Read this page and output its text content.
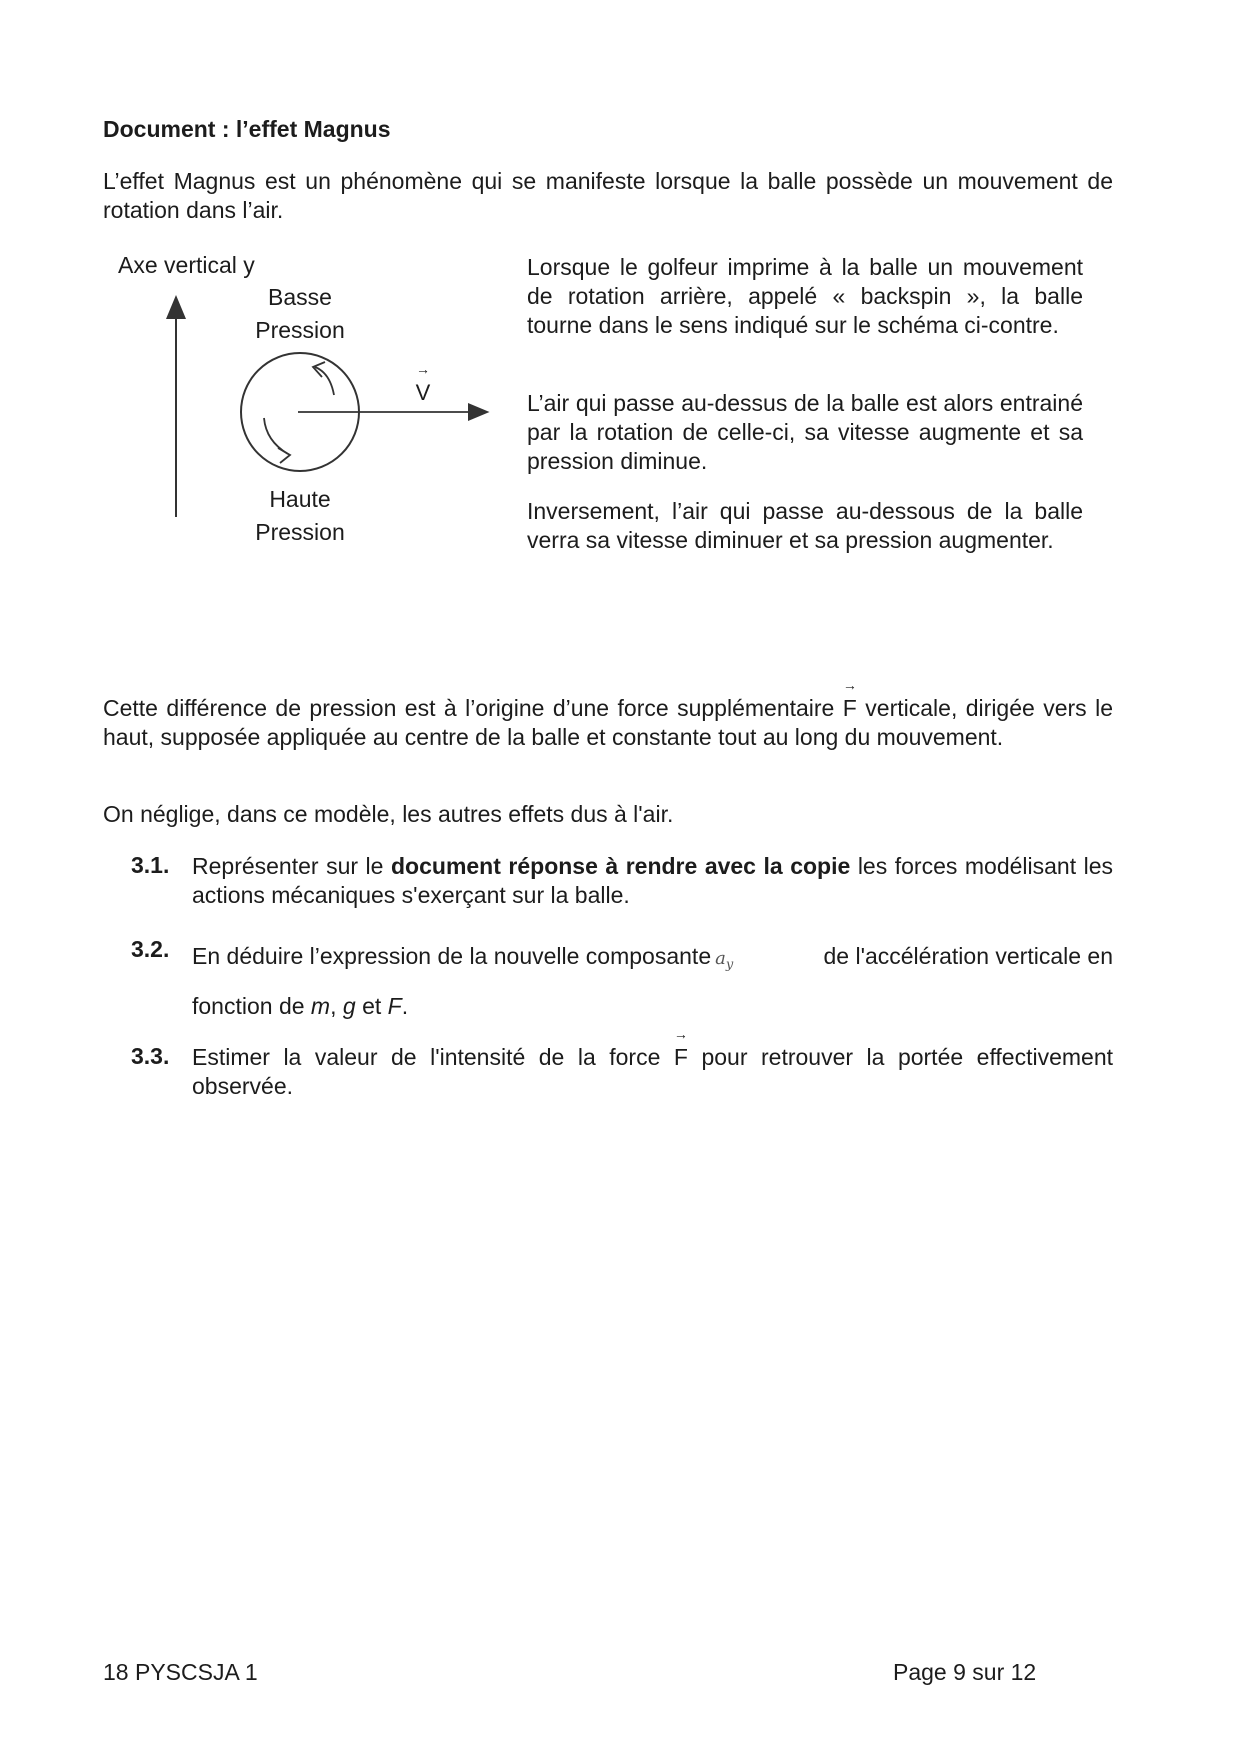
Document : l’effet Magnus
L’effet Magnus est un phénomène qui se manifeste lorsque la balle possède un mouvement de rotation dans l’air.
Axe vertical y
Basse
Pression
Haute
Pression
→ V
Lorsque le golfeur imprime à la balle un mouvement de rotation arrière, appelé « backspin », la balle tourne dans le sens indiqué sur le schéma ci-contre.
L’air qui passe au-dessus de la balle est alors entrainé par la rotation de celle-ci, sa vitesse augmente et sa pression diminue.
Inversement, l’air qui passe au-dessous de la balle verra sa vitesse diminuer et sa pression augmenter.
Cette différence de pression est à l’origine d’une force supplémentaire → F verticale, dirigée vers le haut, supposée appliquée au centre de la balle et constante tout au long du mouvement.
On néglige, dans ce modèle, les autres effets dus à l'air.
3.1. Représenter sur le document réponse à rendre avec la copie les forces modélisant les actions mécaniques s'exerçant sur la balle.
3.2. En déduire l’expression de la nouvelle composante $a_y$	de l'accélération verticale en
fonction de m, g et F.
3.3. Estimer la valeur de l'intensité de la force → F pour retrouver la portée effectivement observée.
18 PYSCSJA 1	Page 9 sur 12
